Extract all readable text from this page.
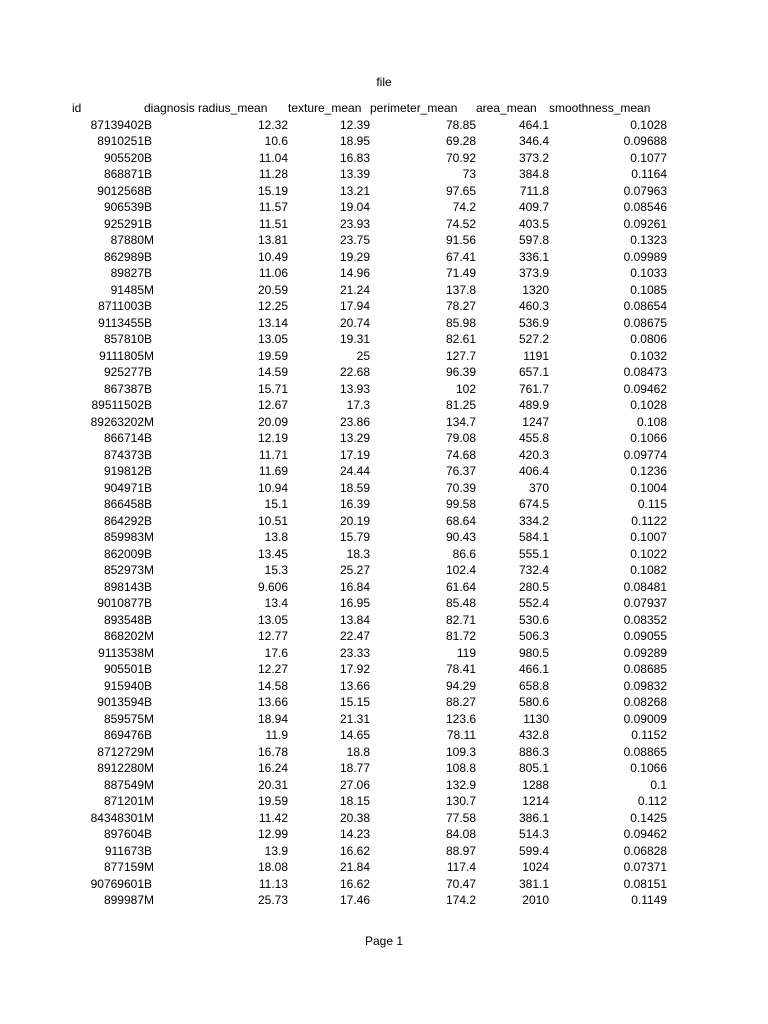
file
id	diagnosis	radius_mean	texture_mean	perimeter_mean	area_mean	smoothness_mean
87139402	B	12.32	12.39	78.85	464.1	0.1028
8910251	B	10.6	18.95	69.28	346.4	0.09688
905520	B	11.04	16.83	70.92	373.2	0.1077
868871	B	11.28	13.39	73	384.8	0.1164
9012568	B	15.19	13.21	97.65	711.8	0.07963
906539	B	11.57	19.04	74.2	409.7	0.08546
925291	B	11.51	23.93	74.52	403.5	0.09261
87880	M	13.81	23.75	91.56	597.8	0.1323
862989	B	10.49	19.29	67.41	336.1	0.09989
89827	B	11.06	14.96	71.49	373.9	0.1033
91485	M	20.59	21.24	137.8	1320	0.1085
8711003	B	12.25	17.94	78.27	460.3	0.08654
9113455	B	13.14	20.74	85.98	536.9	0.08675
857810	B	13.05	19.31	82.61	527.2	0.0806
9111805	M	19.59	25	127.7	1191	0.1032
925277	B	14.59	22.68	96.39	657.1	0.08473
867387	B	15.71	13.93	102	761.7	0.09462
89511502	B	12.67	17.3	81.25	489.9	0.1028
89263202	M	20.09	23.86	134.7	1247	0.108
866714	B	12.19	13.29	79.08	455.8	0.1066
874373	B	11.71	17.19	74.68	420.3	0.09774
919812	B	11.69	24.44	76.37	406.4	0.1236
904971	B	10.94	18.59	70.39	370	0.1004
866458	B	15.1	16.39	99.58	674.5	0.115
864292	B	10.51	20.19	68.64	334.2	0.1122
859983	M	13.8	15.79	90.43	584.1	0.1007
862009	B	13.45	18.3	86.6	555.1	0.1022
852973	M	15.3	25.27	102.4	732.4	0.1082
898143	B	9.606	16.84	61.64	280.5	0.08481
9010877	B	13.4	16.95	85.48	552.4	0.07937
893548	B	13.05	13.84	82.71	530.6	0.08352
868202	M	12.77	22.47	81.72	506.3	0.09055
9113538	M	17.6	23.33	119	980.5	0.09289
905501	B	12.27	17.92	78.41	466.1	0.08685
915940	B	14.58	13.66	94.29	658.8	0.09832
9013594	B	13.66	15.15	88.27	580.6	0.08268
859575	M	18.94	21.31	123.6	1130	0.09009
869476	B	11.9	14.65	78.11	432.8	0.1152
8712729	M	16.78	18.8	109.3	886.3	0.08865
8912280	M	16.24	18.77	108.8	805.1	0.1066
887549	M	20.31	27.06	132.9	1288	0.1
871201	M	19.59	18.15	130.7	1214	0.112
84348301	M	11.42	20.38	77.58	386.1	0.1425
897604	B	12.99	14.23	84.08	514.3	0.09462
911673	B	13.9	16.62	88.97	599.4	0.06828
877159	M	18.08	21.84	117.4	1024	0.07371
90769601	B	11.13	16.62	70.47	381.1	0.08151
899987	M	25.73	17.46	174.2	2010	0.1149
Page 1
